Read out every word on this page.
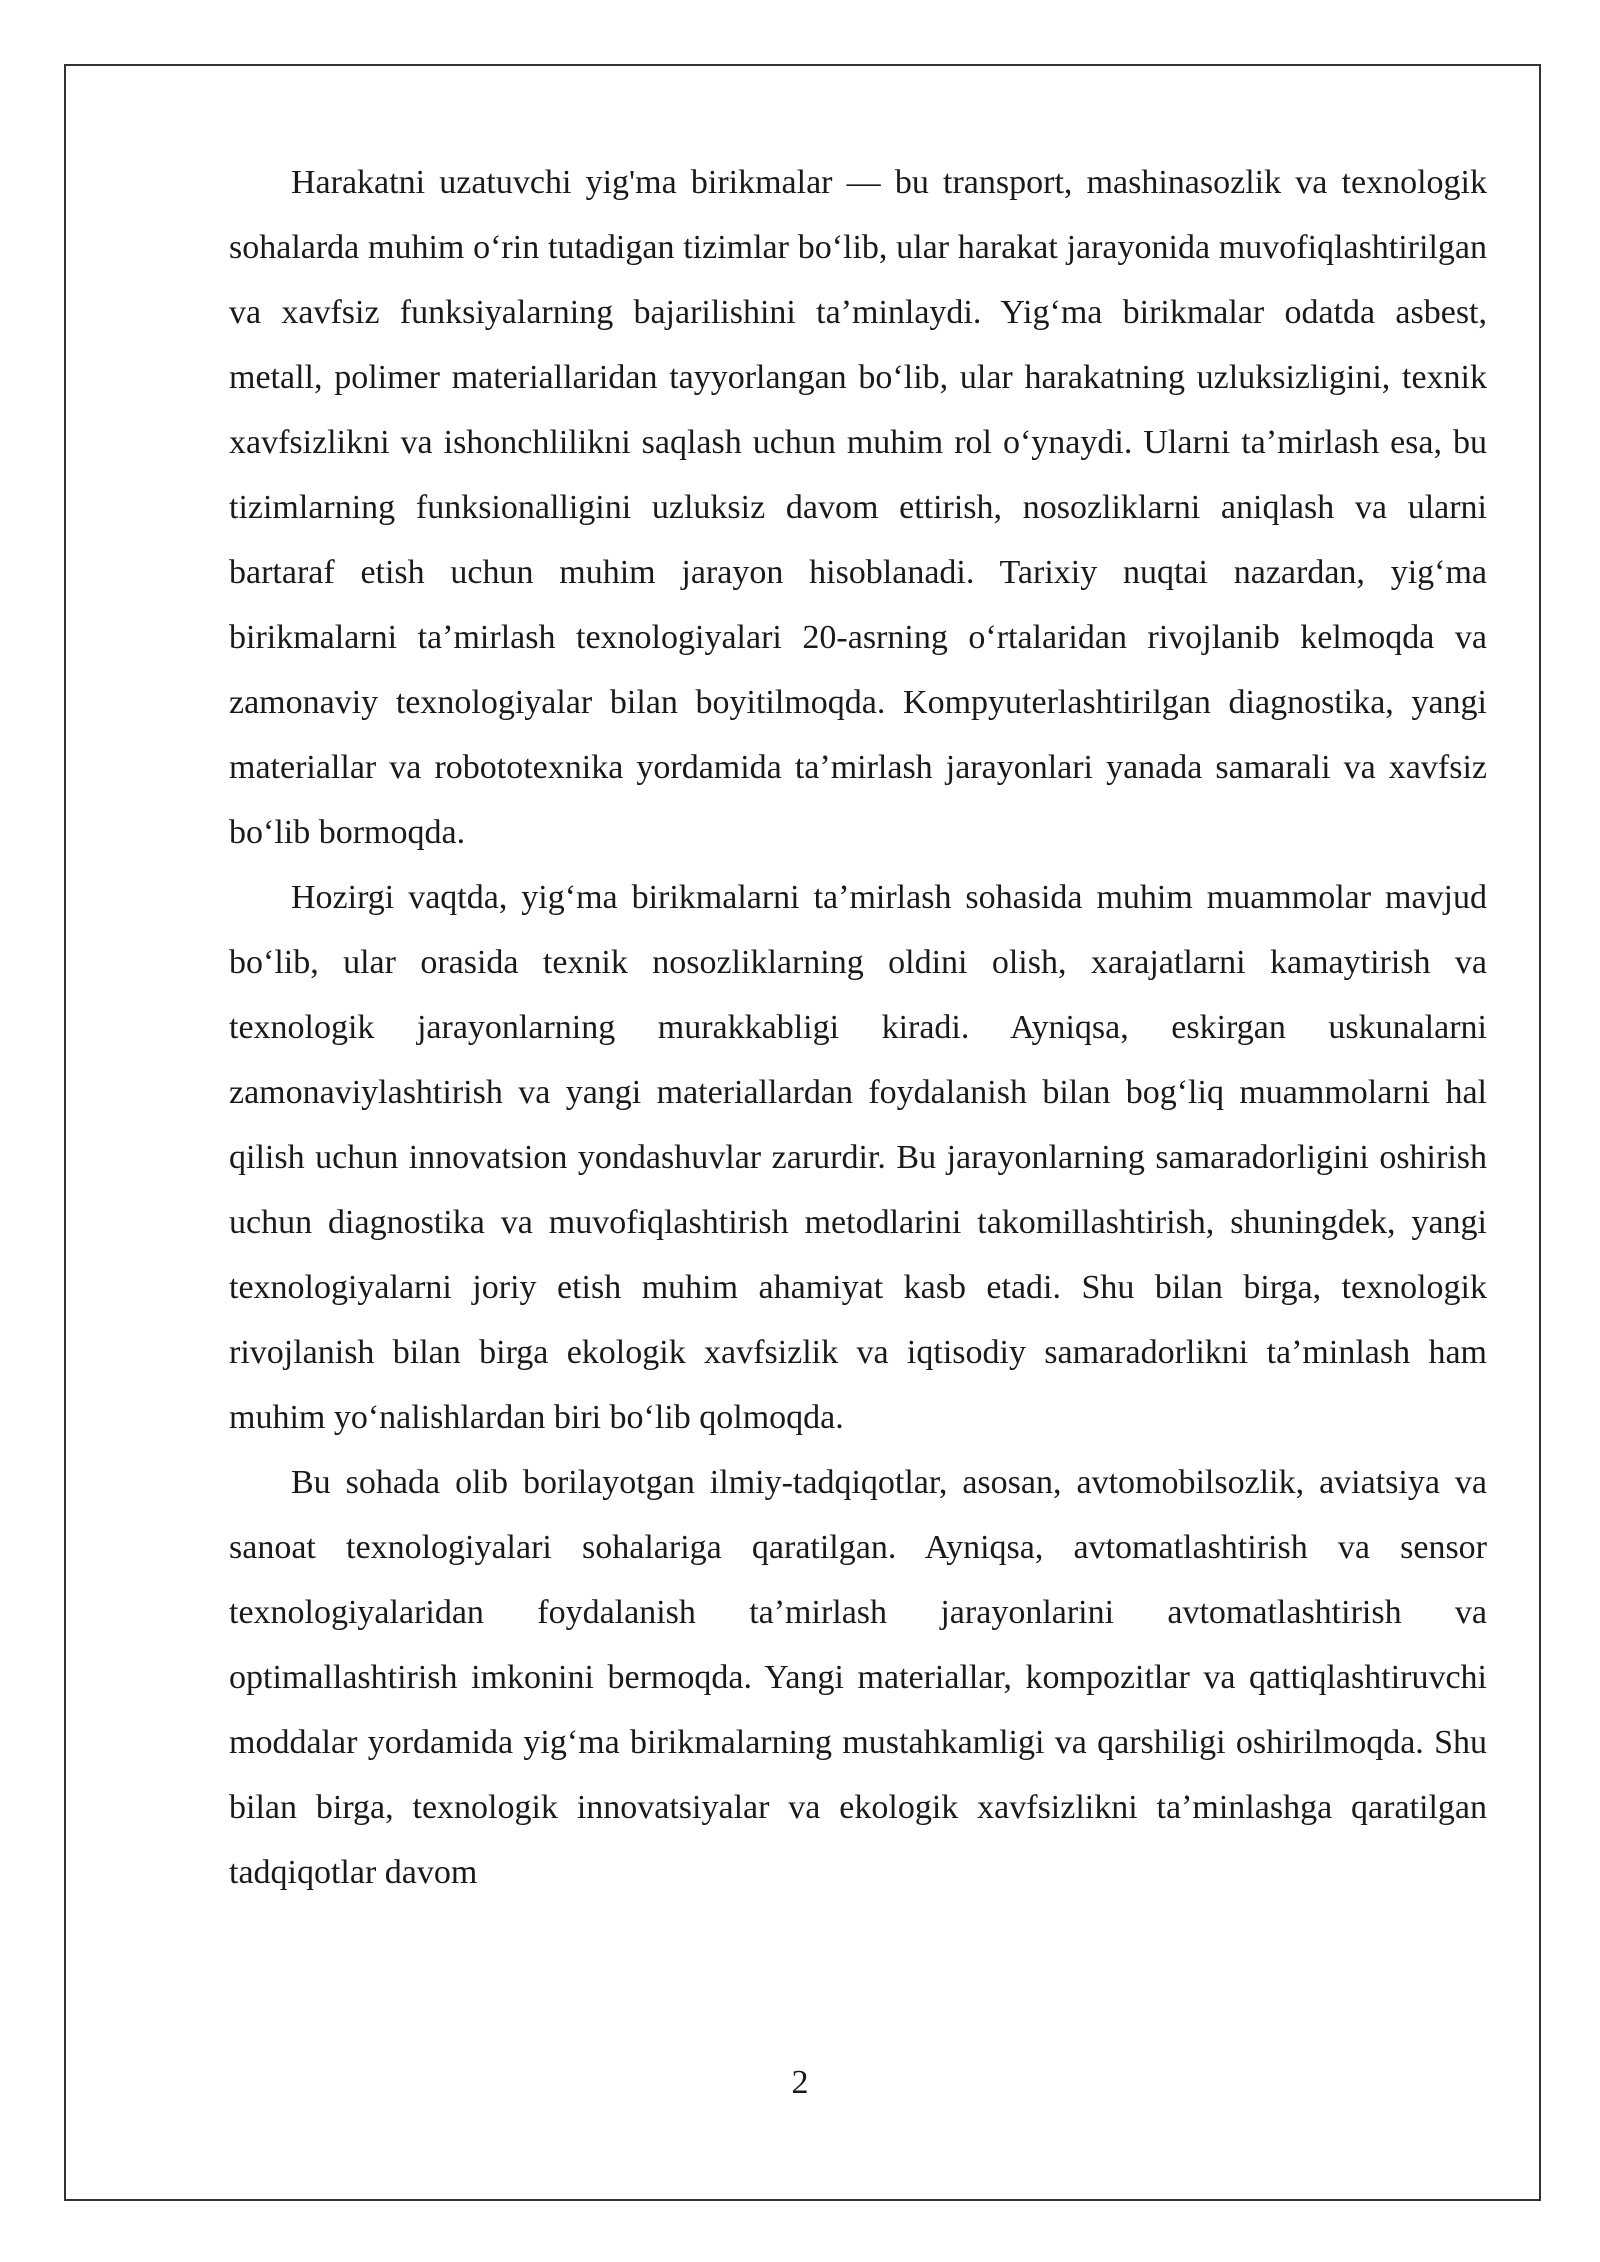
Harakatni uzatuvchi yig'ma birikmalar — bu transport, mashinasozlik va texnologik sohalarda muhim oʻrin tutadigan tizimlar boʻlib, ular harakat jarayonida muvofiqlashtirilgan va xavfsiz funksiyalarning bajarilishini taʼminlaydi. Yigʻma birikmalar odatda asbest, metall, polimer materiallaridan tayyorlangan boʻlib, ular harakatning uzluksizligini, texnik xavfsizlikni va ishonchlilikni saqlash uchun muhim rol oʻynaydi. Ularni taʼmirlash esa, bu tizimlarning funksionalligini uzluksiz davom ettirish, nosozliklarni aniqlash va ularni bartaraf etish uchun muhim jarayon hisoblanadi. Tarixiy nuqtai nazardan, yigʻma birikmalarni taʼmirlash texnologiyalari 20-asrning oʻrtalaridan rivojlanib kelmoqda va zamonaviy texnologiyalar bilan boyitilmoqda. Kompyuterlashtirilgan diagnostika, yangi materiallar va robototexnika yordamida taʼmirlash jarayonlari yanada samarali va xavfsiz boʻlib bormoqda.

Hozirgi vaqtda, yigʻma birikmalarni taʼmirlash sohasida muhim muammolar mavjud boʻlib, ular orasida texnik nosozliklarning oldini olish, xarajatlarni kamaytirish va texnologik jarayonlarning murakkabligi kiradi. Ayniqsa, eskirgan uskunalarni zamonaviylashtirish va yangi materiallardan foydalanish bilan bogʻliq muammolarni hal qilish uchun innovatsion yondashuvlar zarurdir. Bu jarayonlarning samaradorligini oshirish uchun diagnostika va muvofiqlashtirish metodlarini takomillashtirish, shuningdek, yangi texnologiyalarni joriy etish muhim ahamiyat kasb etadi. Shu bilan birga, texnologik rivojlanish bilan birga ekologik xavfsizlik va iqtisodiy samaradorlikni taʼminlash ham muhim yoʻnalishlardan biri boʻlib qolmoqda.

Bu sohada olib borilayotgan ilmiy-tadqiqotlar, asosan, avtomobilsozlik, aviatsiya va sanoat texnologiyalari sohalariga qaratilgan. Ayniqsa, avtomatlashtirish va sensor texnologiyalaridan foydalanish taʼmirlash jarayonlarini avtomatlashtirish va optimallashtirish imkonini bermoqda. Yangi materiallar, kompozitlar va qattiqlashtiruvchi moddalar yordamida yigʻma birikmalarning mustahkamligi va qarshiligi oshirilmoqda. Shu bilan birga, texnologik innovatsiyalar va ekologik xavfsizlikni taʼminlashga qaratilgan tadqiqotlar davom

2
